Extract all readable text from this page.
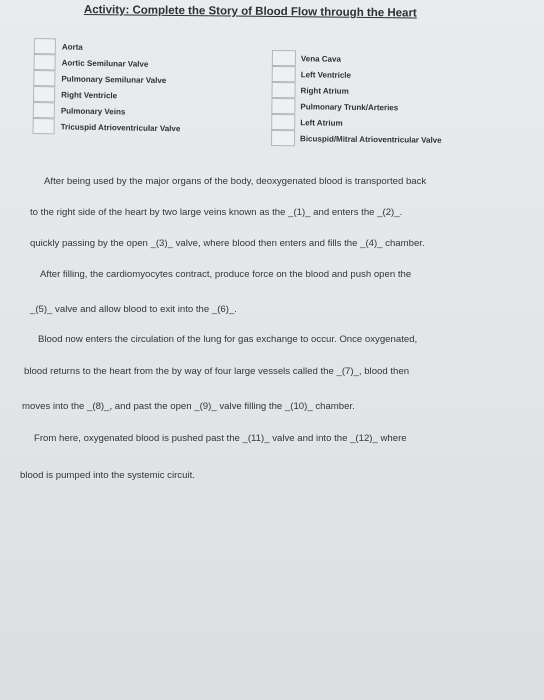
Activity: Complete the Story of Blood Flow through the Heart
Aorta
Aortic Semilunar Valve
Pulmonary Semilunar Valve
Right Ventricle
Pulmonary Veins
Tricuspid Atrioventricular Valve
Vena Cava
Left Ventricle
Right Atrium
Pulmonary Trunk/Arteries
Left Atrium
Bicuspid/Mitral Atrioventricular Valve
After being used by the major organs of the body, deoxygenated blood is transported back
to the right side of the heart by two large veins known as the _(1)_ and enters the _(2)_.
quickly passing by the open _(3)_ valve, where blood then enters and fills the _(4)_ chamber.
After filling, the cardiomyocytes contract, produce force on the blood and push open the
_(5)_ valve and allow blood to exit into the _(6)_.
Blood now enters the circulation of the lung for gas exchange to occur. Once oxygenated,
blood returns to the heart from the by way of four large vessels called the _(7)_, blood then
moves into the _(8)_, and past the open _(9)_ valve filling the _(10)_ chamber.
From here, oxygenated blood is pushed past the _(11)_ valve and into the _(12)_ where
blood is pumped into the systemic circuit.
